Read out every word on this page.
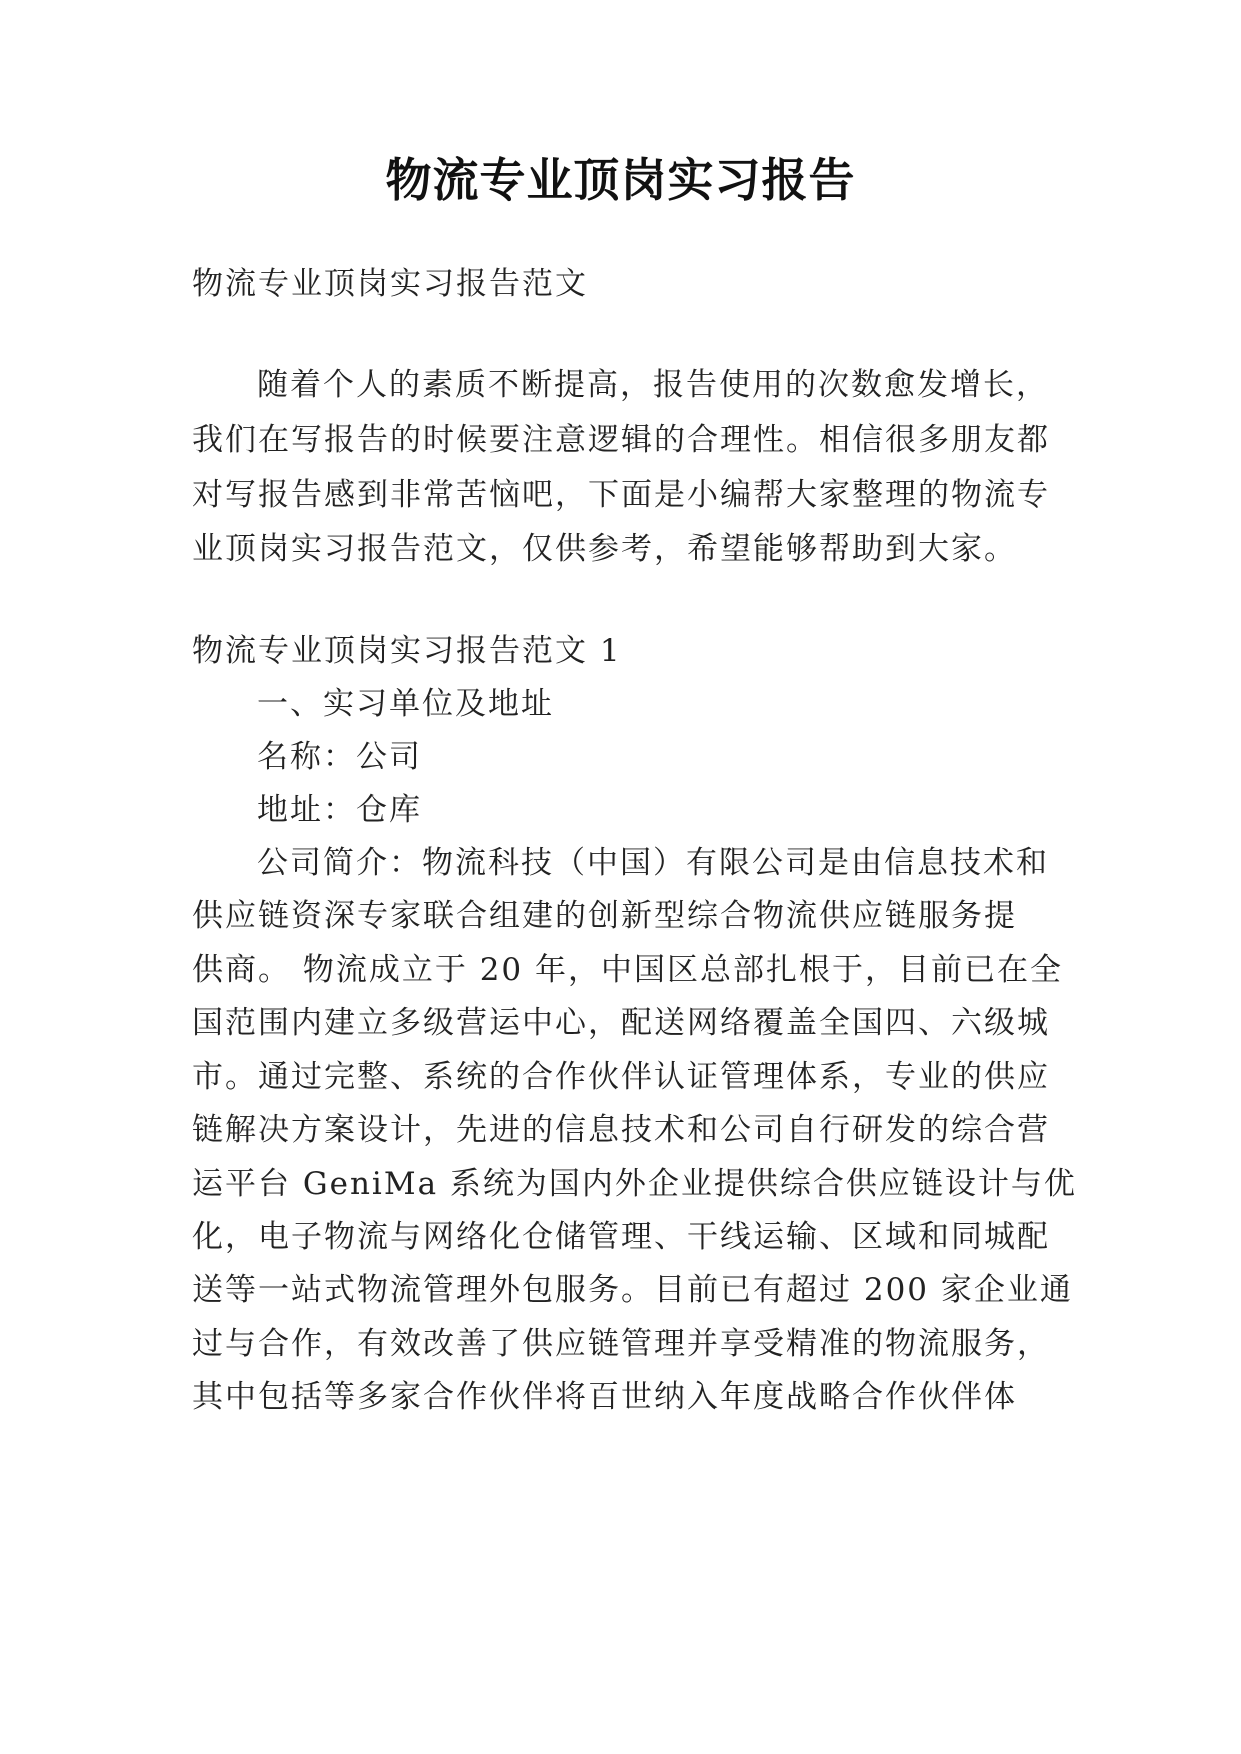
物流专业顶岗实习报告
物流专业顶岗实习报告范文
随着个人的素质不断提高，报告使用的次数愈发增长，
我们在写报告的时候要注意逻辑的合理性。相信很多朋友都
对写报告感到非常苦恼吧，下面是小编帮大家整理的物流专
业顶岗实习报告范文，仅供参考，希望能够帮助到大家。
物流专业顶岗实习报告范文 1
一、实习单位及地址
名称：公司
地址：仓库
公司简介：物流科技（中国）有限公司是由信息技术和
供应链资深专家联合组建的创新型综合物流供应链服务提
供商。 物流成立于 20 年，中国区总部扎根于，目前已在全
国范围内建立多级营运中心，配送网络覆盖全国四、六级城
市。通过完整、系统的合作伙伴认证管理体系，专业的供应
链解决方案设计，先进的信息技术和公司自行研发的综合营
运平台 GeniMa 系统为国内外企业提供综合供应链设计与优
化，电子物流与网络化仓储管理、干线运输、区域和同城配
送等一站式物流管理外包服务。目前已有超过 200 家企业通
过与合作，有效改善了供应链管理并享受精准的物流服务，
其中包括等多家合作伙伴将百世纳入年度战略合作伙伴体
